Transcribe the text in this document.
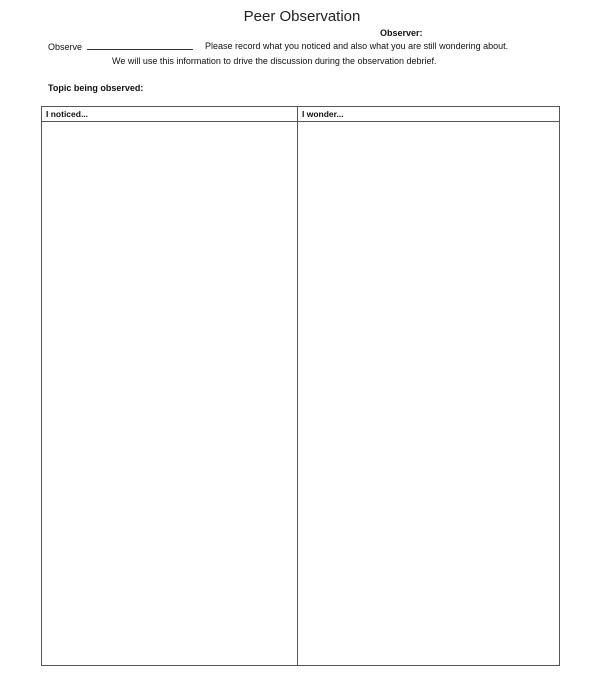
Peer Observation
Observer:
Observe	Please record what you noticed and also what you are still wondering about.
We will use this information to drive the discussion during the observation debrief.
Topic being observed:
I noticed...	I wonder...
